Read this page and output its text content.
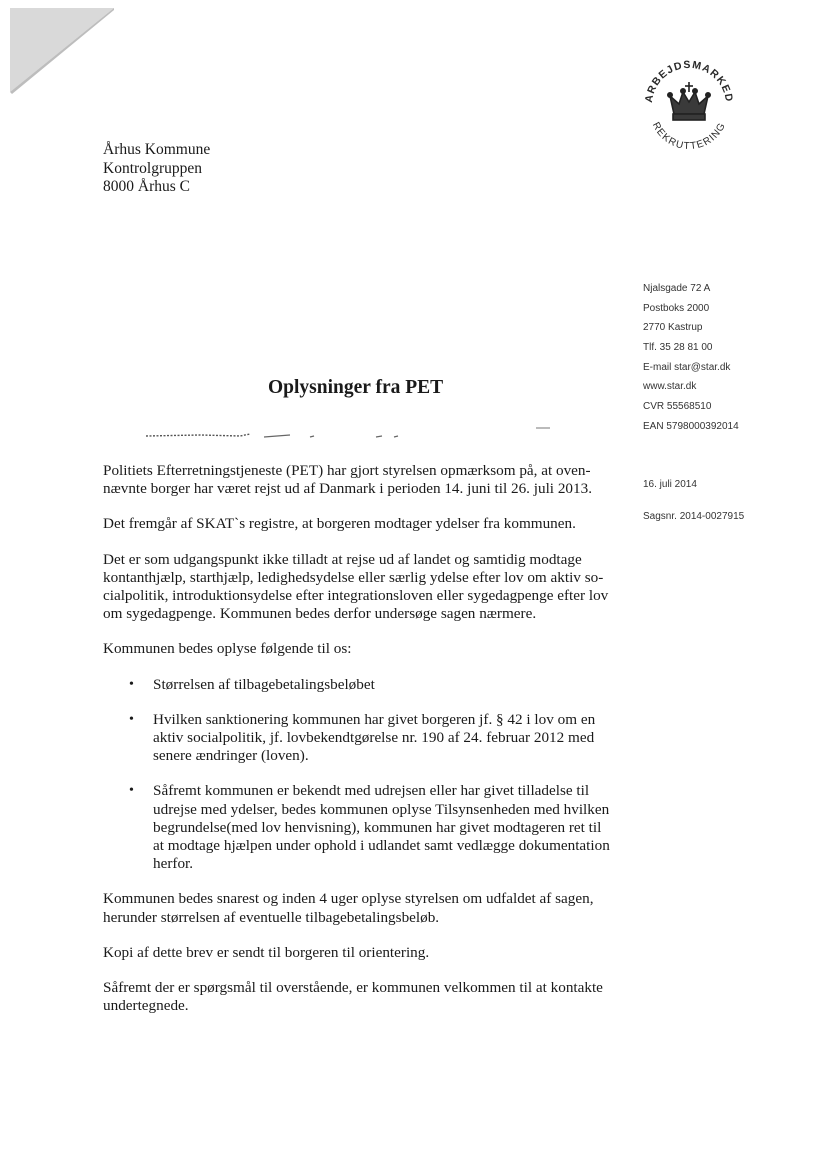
ARBEJDSMARKED
REKRUTTERING
Århus Kommune
Kontrolgruppen
8000 Århus C
Njalsgade 72 A
Postboks 2000
2770 Kastrup
Tlf. 35 28 81 00
E-mail star@star.dk
www.star.dk
CVR 55568510
EAN 5798000392014
16. juli 2014
Sagsnr. 2014-0027915
Oplysninger fra PET
Politiets Efterretningstjeneste (PET) har gjort styrelsen opmærksom på, at oven-
nævnte borger har været rejst ud af Danmark i perioden 14. juni til 26. juli 2013.
Det fremgår af SKAT`s registre, at borgeren modtager ydelser fra kommunen.
Det er som udgangspunkt ikke tilladt at rejse ud af landet og samtidig modtage
kontanthjælp, starthjælp, ledighedsydelse eller særlig ydelse efter lov om aktiv so-
cialpolitik, introduktionsydelse efter integrationsloven eller sygedagpenge efter lov
om sygedagpenge. Kommunen bedes derfor undersøge sagen nærmere.
Kommunen bedes oplyse følgende til os:
• Størrelsen af tilbagebetalingsbeløbet
• Hvilken sanktionering kommunen har givet borgeren jf. § 42 i lov om en
aktiv socialpolitik, jf. lovbekendtgørelse nr. 190 af 24. februar 2012 med
senere ændringer (loven).
• Såfremt kommunen er bekendt med udrejsen eller har givet tilladelse til
udrejse med ydelser, bedes kommunen oplyse Tilsynsenheden med hvilken
begrundelse(med lov henvisning), kommunen har givet modtageren ret til
at modtage hjælpen under ophold i udlandet samt vedlægge dokumentation
herfor.
Kommunen bedes snarest og inden 4 uger oplyse styrelsen om udfaldet af sagen,
herunder størrelsen af eventuelle tilbagebetalingsbeløb.
Kopi af dette brev er sendt til borgeren til orientering.
Såfremt der er spørgsmål til overstående, er kommunen velkommen til at kontakte
undertegnede.
